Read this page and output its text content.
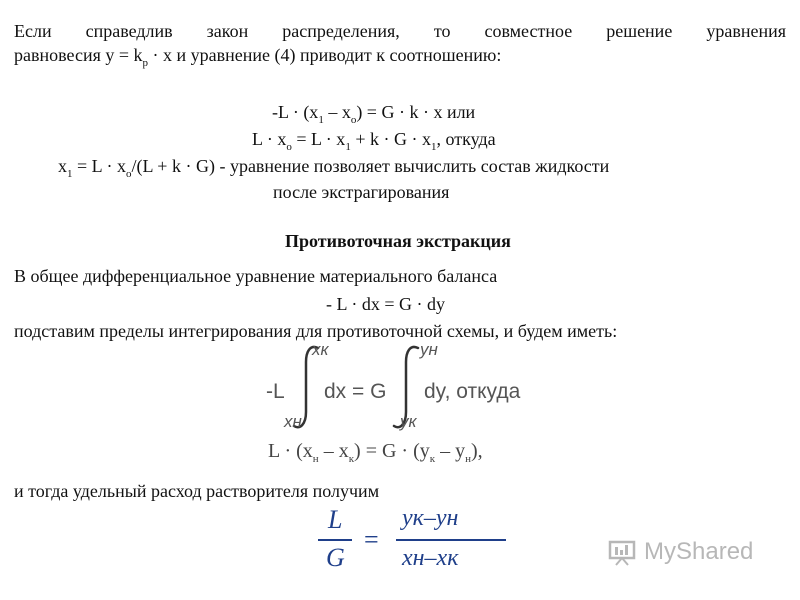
Если справедлив закон распределения, то совместное решение уравнения
равновесия $y = k_p \cdot x$ и уравнение (4) приводит к соотношению:
$-L \cdot (x_1 - x_o) = G \cdot k \cdot x$ или
$L \cdot x_o = L \cdot x_1 + k \cdot G \cdot x_1$, откуда
$x_1 = L \cdot x_o/(L + k \cdot G)$ - уравнение позволяет вычислить состав жидкости
после экстрагирования
Противоточная экстракция
В общее дифференциальное уравнение материального баланса
- L · dx = G · dy
подставим пределы интегрирования для противоточной схемы, и будем иметь:
-L
xк
xн
dx = G
yн
yк
dy, откуда
$L \cdot (x_н - x_к) = G \cdot (y_к - y_н)$,
и тогда удельный расход растворителя получим
L
G
=
yк–yн
xн–xк	MyShared
